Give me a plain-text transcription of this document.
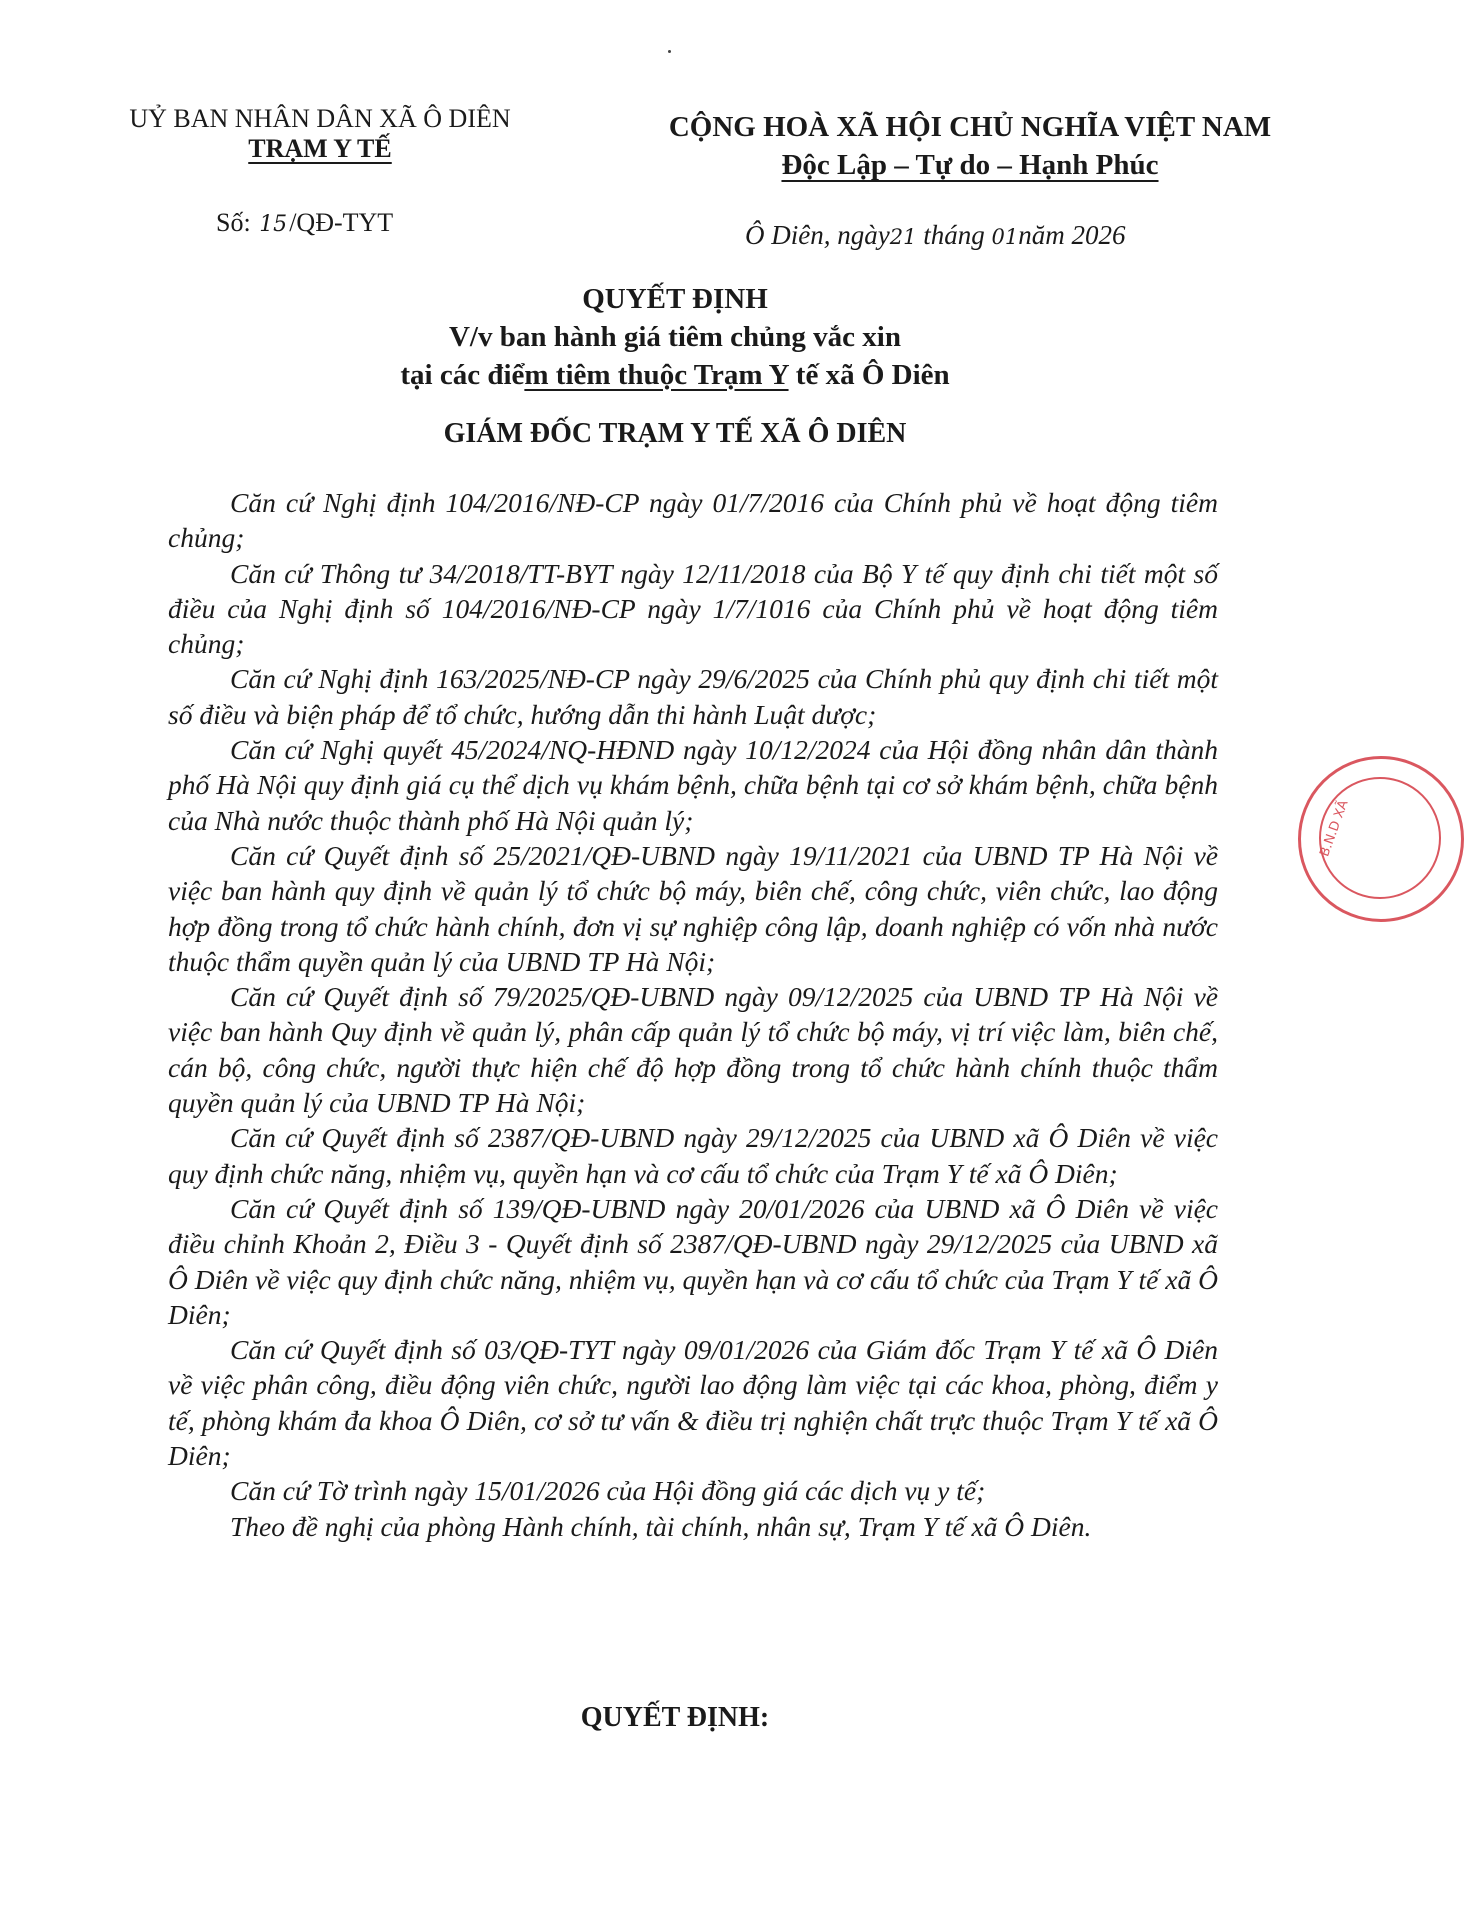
UỶ BAN NHÂN DÂN XÃ Ô DIÊN
TRẠM Y TẾ
CỘNG HOÀ XÃ HỘI CHỦ NGHĨA VIỆT NAM
Độc Lập – Tự do – Hạnh Phúc
Số: 15/QĐ-TYT	Ô Diên, ngày21 tháng 01năm 2026
QUYẾT ĐỊNH
V/v ban hành giá tiêm chủng vắc xin
tại các điểm tiêm thuộc Trạm Y tế xã Ô Diên
GIÁM ĐỐC TRẠM Y TẾ XÃ Ô DIÊN

Căn cứ Nghị định 104/2016/NĐ-CP ngày 01/7/2016 của Chính phủ về hoạt động tiêm chủng;

Căn cứ Thông tư 34/2018/TT-BYT ngày 12/11/2018 của Bộ Y tế quy định chi tiết một số điều của Nghị định số 104/2016/NĐ-CP ngày 1/7/1016 của Chính phủ về hoạt động tiêm chủng;

Căn cứ Nghị định 163/2025/NĐ-CP ngày 29/6/2025 của Chính phủ quy định chi tiết một số điều và biện pháp để tổ chức, hướng dẫn thi hành Luật dược;

Căn cứ Nghị quyết 45/2024/NQ-HĐND ngày 10/12/2024 của Hội đồng nhân dân thành phố Hà Nội quy định giá cụ thể dịch vụ khám bệnh, chữa bệnh tại cơ sở khám bệnh, chữa bệnh của Nhà nước thuộc thành phố Hà Nội quản lý;

Căn cứ Quyết định số 25/2021/QĐ-UBND ngày 19/11/2021 của UBND TP Hà Nội về việc ban hành quy định về quản lý tổ chức bộ máy, biên chế, công chức, viên chức, lao động hợp đồng trong tổ chức hành chính, đơn vị sự nghiệp công lập, doanh nghiệp có vốn nhà nước thuộc thẩm quyền quản lý của UBND TP Hà Nội;

Căn cứ Quyết định số 79/2025/QĐ-UBND ngày 09/12/2025 của UBND TP Hà Nội về việc ban hành Quy định về quản lý, phân cấp quản lý tổ chức bộ máy, vị trí việc làm, biên chế, cán bộ, công chức, người thực hiện chế độ hợp đồng trong tổ chức hành chính thuộc thẩm quyền quản lý của UBND TP Hà Nội;

Căn cứ Quyết định số 2387/QĐ-UBND ngày 29/12/2025 của UBND xã Ô Diên về việc quy định chức năng, nhiệm vụ, quyền hạn và cơ cấu tổ chức của Trạm Y tế xã Ô Diên;

Căn cứ Quyết định số 139/QĐ-UBND ngày 20/01/2026 của UBND xã Ô Diên về việc điều chỉnh Khoản 2, Điều 3 - Quyết định số 2387/QĐ-UBND ngày 29/12/2025 của UBND xã Ô Diên về việc quy định chức năng, nhiệm vụ, quyền hạn và cơ cấu tổ chức của Trạm Y tế xã Ô Diên;

Căn cứ Quyết định số 03/QĐ-TYT ngày 09/01/2026 của Giám đốc Trạm Y tế xã Ô Diên về việc phân công, điều động viên chức, người lao động làm việc tại các khoa, phòng, điểm y tế, phòng khám đa khoa Ô Diên, cơ sở tư vấn & điều trị nghiện chất trực thuộc Trạm Y tế xã Ô Diên;

Căn cứ Tờ trình ngày 15/01/2026 của Hội đồng giá các dịch vụ y tế;

Theo đề nghị của phòng Hành chính, tài chính, nhân sự, Trạm Y tế xã Ô Diên.

QUYẾT ĐỊNH:
B.N.D XÃ
